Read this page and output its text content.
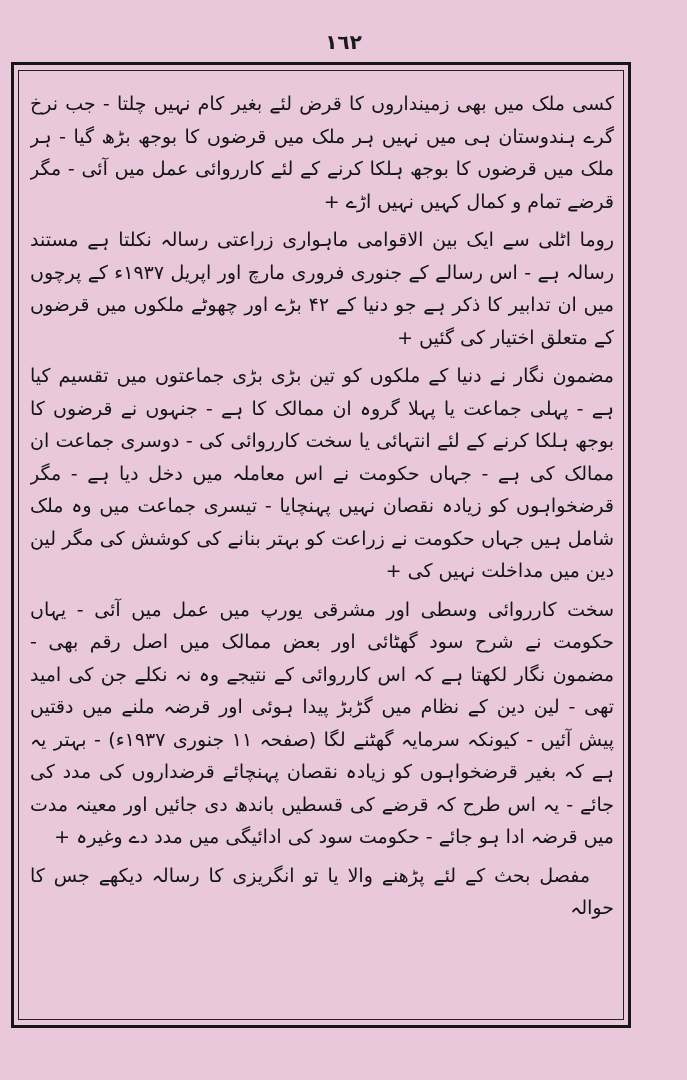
١٦٢

کسی ملک میں بھی زمینداروں کا قرض لئے بغیر کام نہیں چلتا - جب نرخ گرے ہندوستان ہی میں نہیں ہر ملک میں قرضوں کا بوجھ بڑھ گیا - ہر ملک میں قرضوں کا بوجھ ہلکا کرنے کے لئے کارروائی عمل میں آئی - مگر قرضے تمام و کمال کہیں نہیں اڑے +

روما اٹلی سے ایک بین الاقوامی ماہواری زراعتی رسالہ نکلتا ہے مستند رسالہ ہے - اس رسالے کے جنوری فروری مارچ اور اپریل ۱۹۳۷ء کے پرچوں میں ان تدابیر کا ذکر ہے جو دنیا کے ۴۲ بڑے اور چھوٹے ملکوں میں قرضوں کے متعلق اختیار کی گئیں +

مضمون نگار نے دنیا کے ملکوں کو تین بڑی بڑی جماعتوں میں تقسیم کیا ہے - پہلی جماعت یا پہلا گروہ ان ممالک کا ہے - جنہوں نے قرضوں کا بوجھ ہلکا کرنے کے لئے انتہائی یا سخت کارروائی کی - دوسری جماعت ان ممالک کی ہے - جہاں حکومت نے اس معاملہ میں دخل دیا ہے - مگر قرضخواہوں کو زیادہ نقصان نہیں پہنچایا - تیسری جماعت میں وہ ملک شامل ہیں جہاں حکومت نے زراعت کو بہتر بنانے کی کوشش کی مگر لین دین میں مداخلت نہیں کی +

سخت کارروائی وسطی اور مشرقی یورپ میں عمل میں آئی - یہاں حکومت نے شرح سود گھٹائی اور بعض ممالک میں اصل رقم بھی - مضمون نگار لکھتا ہے کہ اس کارروائی کے نتیجے وہ نہ نکلے جن کی امید تھی - لین دین کے نظام میں گڑبڑ پیدا ہوئی اور قرضہ ملنے میں دقتیں پیش آئیں - کیونکہ سرمایہ گھٹنے لگا (صفحہ ۱۱ جنوری ۱۹۳۷ء) - بہتر یہ ہے کہ بغیر قرضخواہوں کو زیادہ نقصان پہنچائے قرضداروں کی مدد کی جائے - یہ اس طرح کہ قرضے کی قسطیں باندھ دی جائیں اور معینہ مدت میں قرضہ ادا ہو جائے - حکومت سود کی ادائیگی میں مدد دے وغیرہ +

مفصل بحث کے لئے پڑھنے والا یا تو انگریزی کا رسالہ دیکھے جس کا حوالہ
